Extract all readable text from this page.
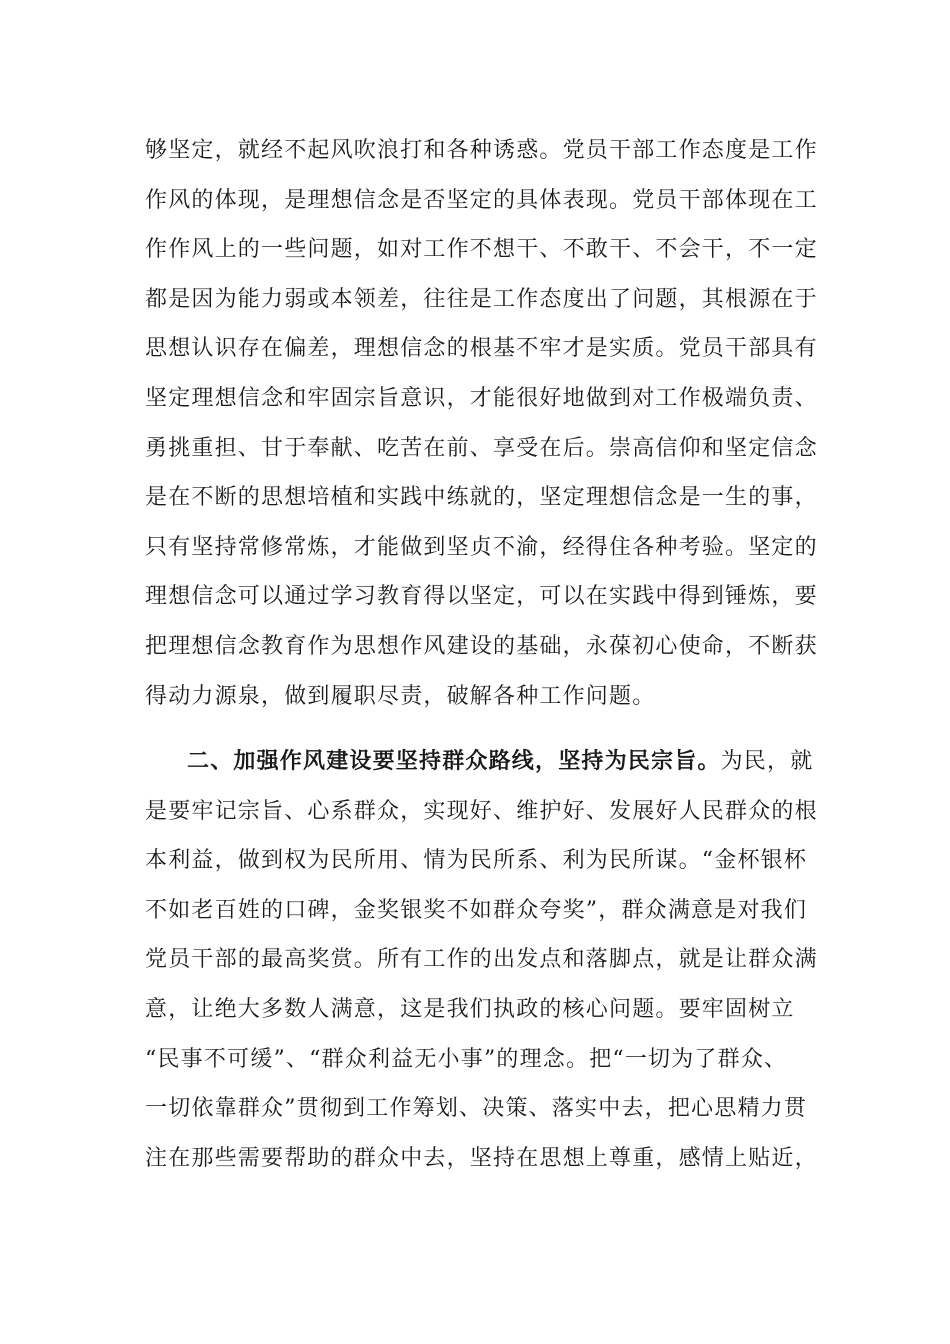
够坚定，就经不起风吹浪打和各种诱惑。党员干部工作态度是工作
作风的体现，是理想信念是否坚定的具体表现。党员干部体现在工
作作风上的一些问题，如对工作不想干、不敢干、不会干，不一定
都是因为能力弱或本领差，往往是工作态度出了问题，其根源在于
思想认识存在偏差，理想信念的根基不牢才是实质。党员干部具有
坚定理想信念和牢固宗旨意识，才能很好地做到对工作极端负责、
勇挑重担、甘于奉献、吃苦在前、享受在后。崇高信仰和坚定信念
是在不断的思想培植和实践中练就的，坚定理想信念是一生的事，
只有坚持常修常炼，才能做到坚贞不渝，经得住各种考验。坚定的
理想信念可以通过学习教育得以坚定，可以在实践中得到锤炼，要
把理想信念教育作为思想作风建设的基础，永葆初心使命，不断获
得动力源泉，做到履职尽责，破解各种工作问题。
二、加强作风建设要坚持群众路线，坚持为民宗旨。为民，就
是要牢记宗旨、心系群众，实现好、维护好、发展好人民群众的根
本利益，做到权为民所用、情为民所系、利为民所谋。“金杯银杯
不如老百姓的口碑，金奖银奖不如群众夸奖”，群众满意是对我们
党员干部的最高奖赏。所有工作的出发点和落脚点，就是让群众满
意，让绝大多数人满意，这是我们执政的核心问题。要牢固树立
“民事不可缓”、“群众利益无小事”的理念。把“一切为了群众、
一切依靠群众”贯彻到工作筹划、决策、落实中去，把心思精力贯
注在那些需要帮助的群众中去，坚持在思想上尊重，感情上贴近，
